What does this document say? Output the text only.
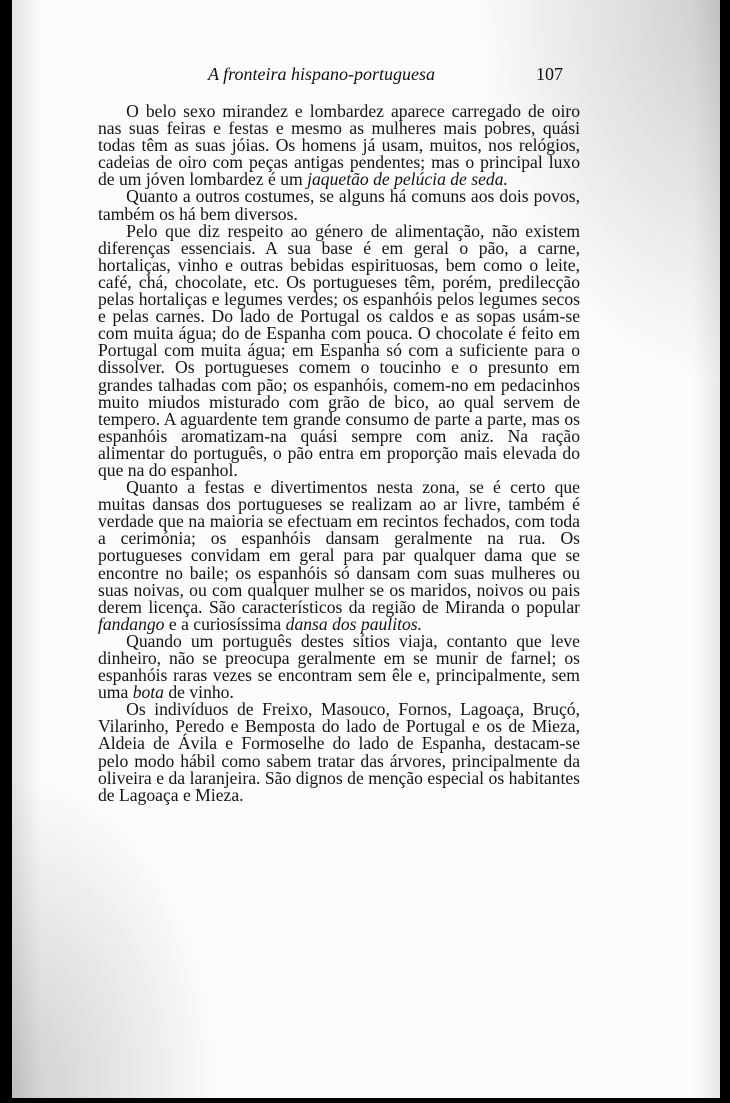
A fronteira hispano-portuguesa	107

O belo sexo mirandez e lombardez aparece carregado de oiro nas suas feiras e festas e mesmo as mulheres mais pobres, quási todas têm as suas jóias. Os homens já usam, muitos, nos relógios, cadeias de oiro com peças antigas pendentes; mas o principal luxo de um jóven lombardez é um jaquetão de pelúcia de seda.

Quanto a outros costumes, se alguns há comuns aos dois povos, também os há bem diversos.

Pelo que diz respeito ao género de alimentação, não existem diferenças essenciais. A sua base é em geral o pão, a carne, hortaliças, vinho e outras bebidas espirituosas, bem como o leite, café, chá, chocolate, etc. Os portugueses têm, porém, predilecção pelas hortaliças e legumes verdes; os espanhóis pelos legumes secos e pelas carnes. Do lado de Portugal os caldos e as sopas usám-se com muita água; do de Espanha com pouca. O chocolate é feito em Portugal com muita água; em Espanha só com a suficiente para o dissolver. Os portugueses comem o toucinho e o presunto em grandes talhadas com pão; os espanhóis, comem-no em pedacinhos muito miudos misturado com grão de bico, ao qual servem de tempero. A aguardente tem grande consumo de parte a parte, mas os espanhóis aromatizam-na quási sempre com aniz. Na ração alimentar do português, o pão entra em proporção mais elevada do que na do espanhol.

Quanto a festas e divertimentos nesta zona, se é certo que muitas dansas dos portugueses se realizam ao ar livre, também é verdade que na maioria se efectuam em recintos fechados, com toda a cerimónia; os espanhóis dansam geralmente na rua. Os portugueses convidam em geral para par qualquer dama que se encontre no baile; os espanhóis só dansam com suas mulheres ou suas noivas, ou com qualquer mulher se os maridos, noivos ou pais derem licença. São característicos da região de Miranda o popular fandango e a curiosíssima dansa dos paulitos.

Quando um português destes sítios viaja, contanto que leve dinheiro, não se preocupa geralmente em se munir de farnel; os espanhóis raras vezes se encontram sem êle e, principalmente, sem uma bota de vinho.

Os indivíduos de Freixo, Masouco, Fornos, Lagoaça, Bruçó, Vilarinho, Peredo e Bemposta do lado de Portugal e os de Mieza, Aldeia de Ávila e Formoselhe do lado de Espanha, destacam-se pelo modo hábil como sabem tratar das árvores, principalmente da oliveira e da laranjeira. São dignos de menção especial os habitantes de Lagoaça e Mieza.
